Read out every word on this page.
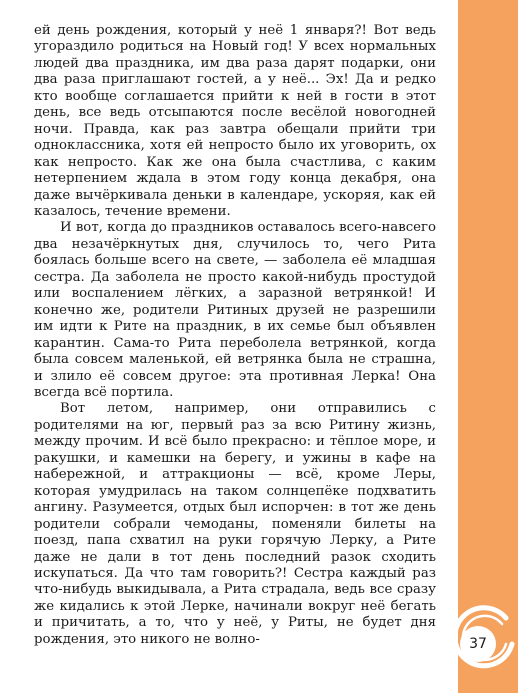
37

ей день рождения, который у неё 1 января?! Вот ведь угораздило родиться на Новый год! У всех нормальных людей два праздника, им два раза дарят подарки, они два раза приглашают гостей, а у неё... Эх! Да и редко кто вообще соглашается прийти к ней в гости в этот день, все ведь отсыпаются после весёлой новогодней ночи. Правда, как раз завтра обещали прийти три одноклассника, хотя ей непросто было их уговорить, ох как непросто. Как же она была счастлива, с каким нетерпением ждала в этом году конца декабря, она даже вычёркивала деньки в календаре, ускоряя, как ей казалось, течение времени.

И вот, когда до праздников оставалось всего-навсего два незачёркнутых дня, случилось то, чего Рита боялась больше всего на свете, — заболела её младшая сестра. Да заболела не просто какой-нибудь простудой или воспалением лёгких, а заразной ветрянкой! И конечно же, родители Ритиных друзей не разрешили им идти к Рите на праздник, в их семье был объявлен карантин. Сама-то Рита переболела ветрянкой, когда была совсем маленькой, ей ветрянка была не страшна, и злило её совсем другое: эта противная Лерка! Она всегда всё портила.

Вот летом, например, они отправились с родителями на юг, первый раз за всю Ритину жизнь, между прочим. И всё было прекрасно: и тёплое море, и ракушки, и камешки на берегу, и ужины в кафе на набережной, и аттракционы — всё, кроме Леры, которая умудрилась на таком солнцепёке подхватить ангину. Разумеется, отдых был испорчен: в тот же день родители собрали чемоданы, поменяли билеты на поезд, папа схватил на руки горячую Лерку, а Рите даже не дали в тот день последний разок сходить искупаться. Да что там говорить?! Сестра каждый раз что-нибудь выкидывала, а Рита страдала, ведь все сразу же кидались к этой Лерке, начинали вокруг неё бегать и причитать, а то, что у неё, у Риты, не будет дня рождения, это никого не волно-
